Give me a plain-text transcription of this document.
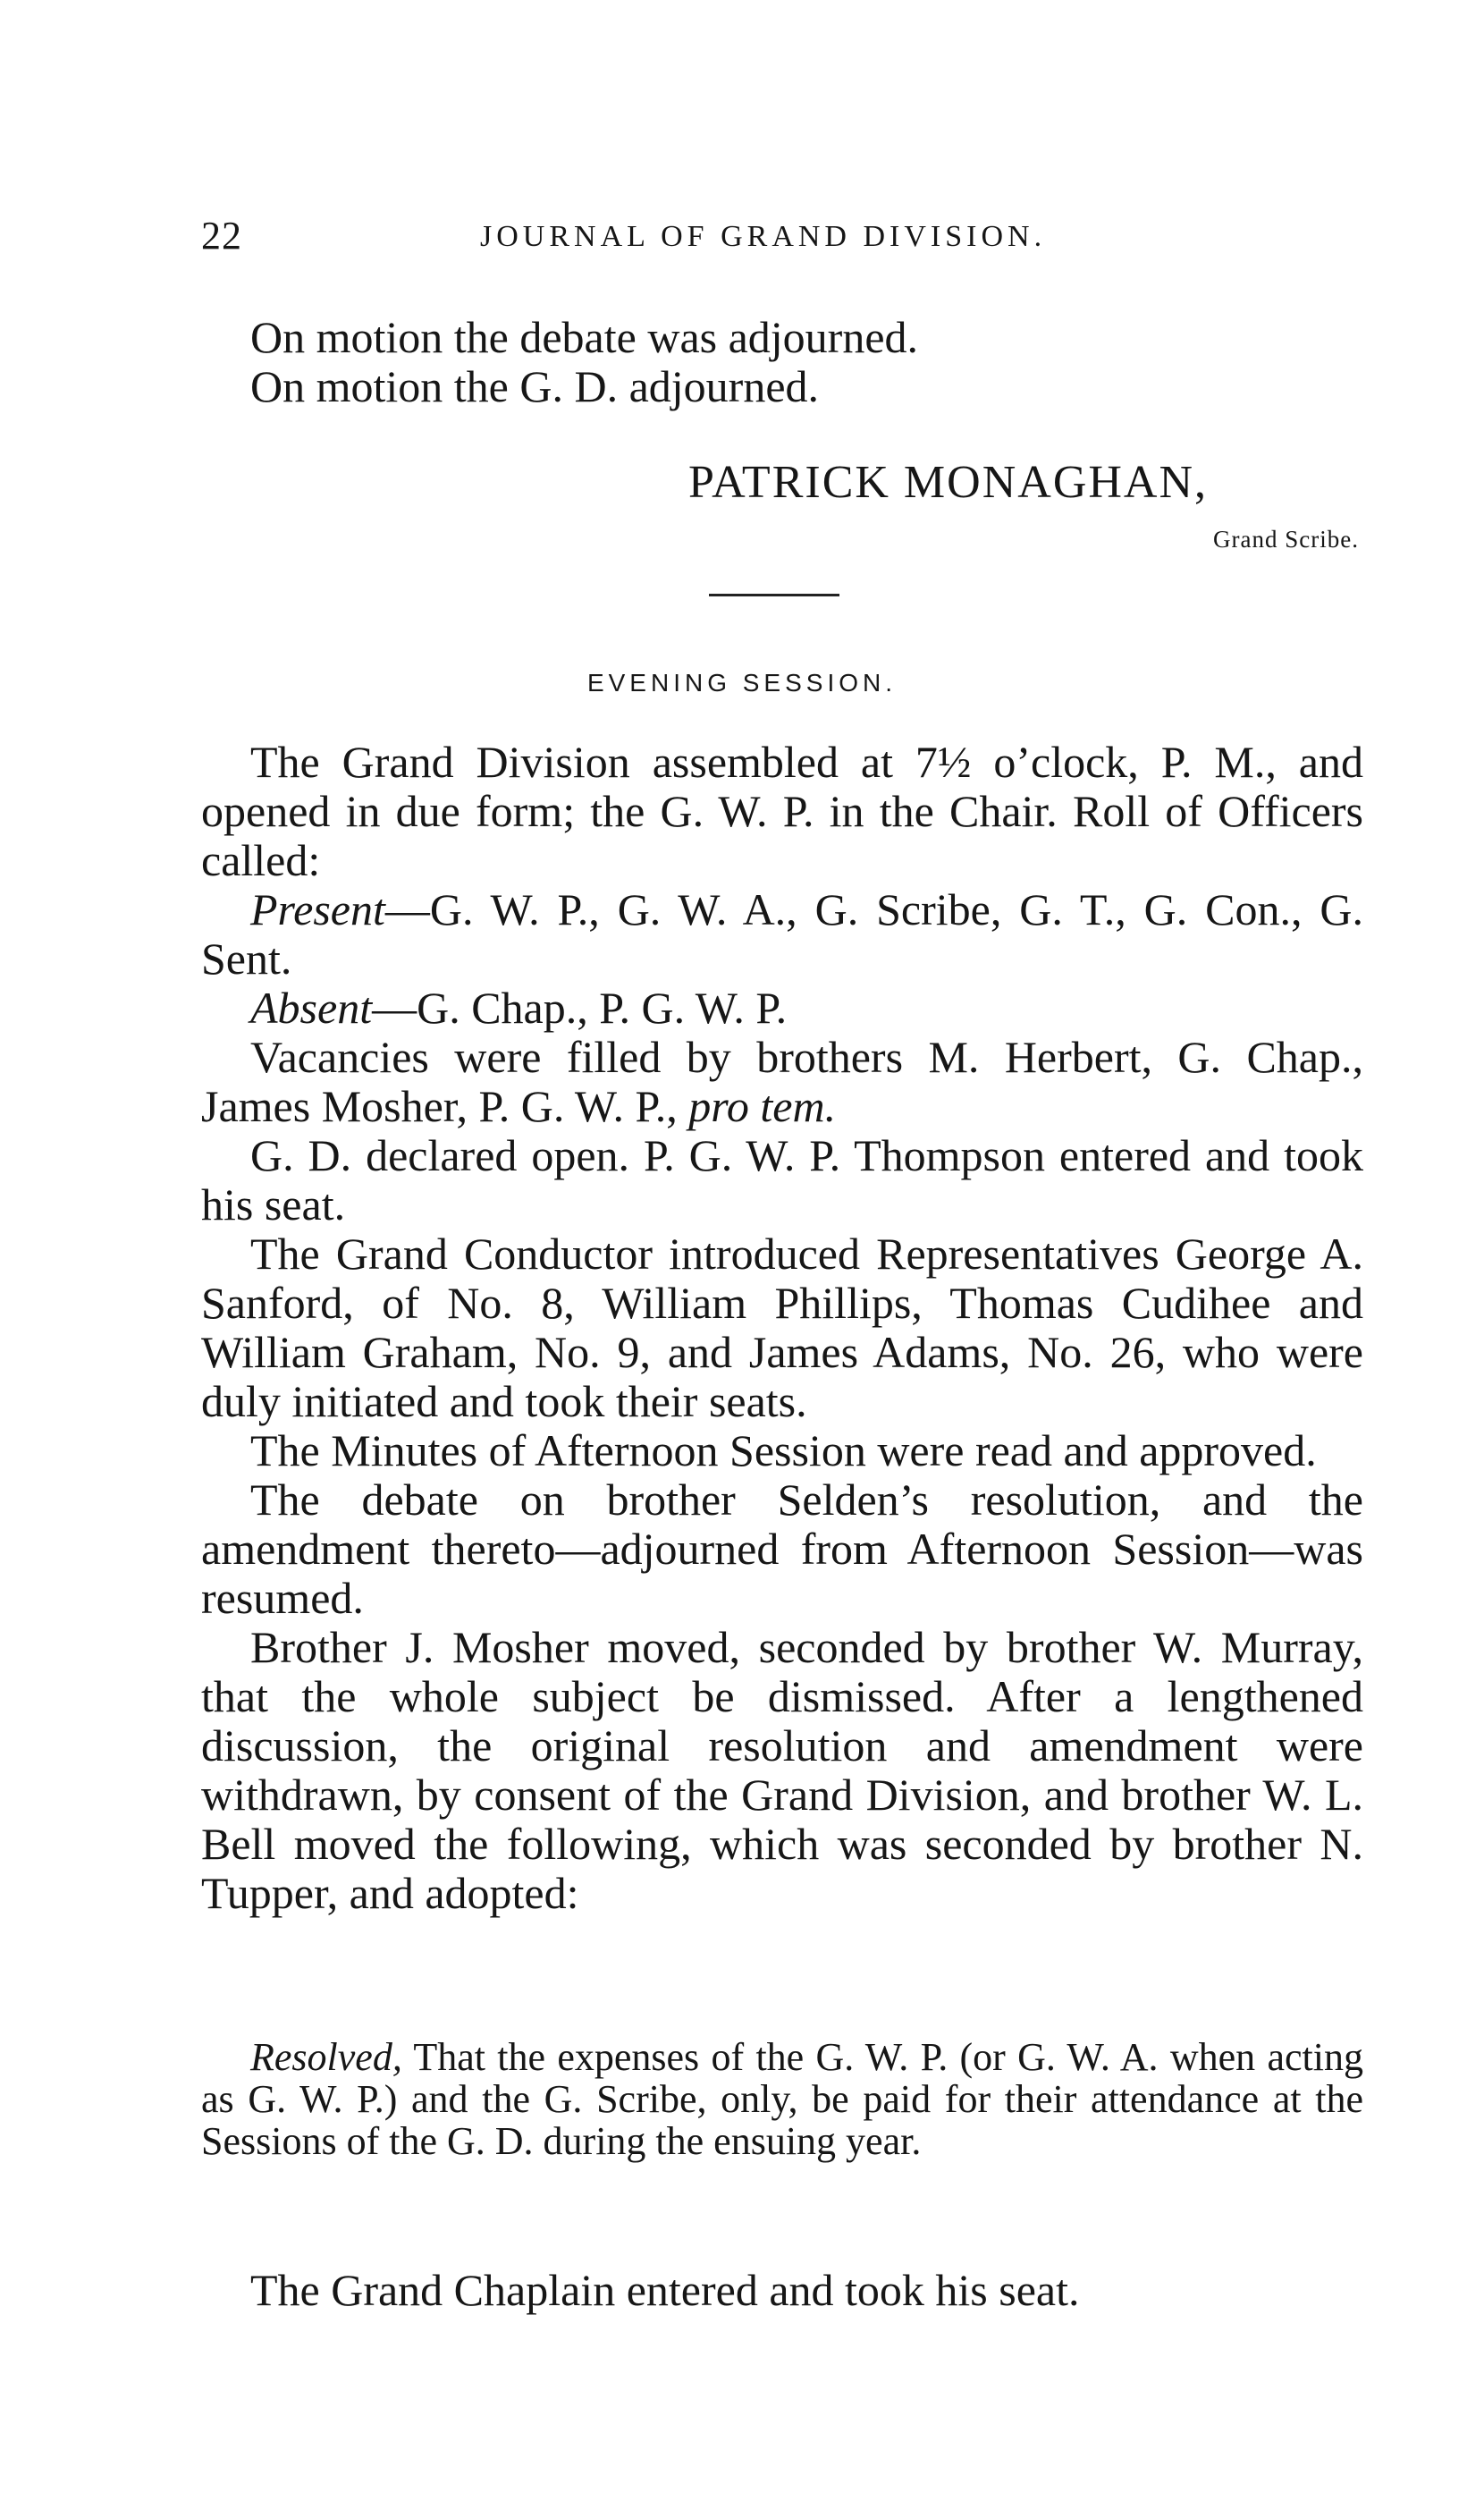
22	JOURNAL OF GRAND DIVISION.

On motion the debate was adjourned.

On motion the G. D. adjourned.

PATRICK MONAGHAN,
Grand Scribe.
EVENING SESSION.

The Grand Division assembled at 7½ o’clock, P. M., and opened in due form; the G. W. P. in the Chair. Roll of Officers called:

Present—G. W. P., G. W. A., G. Scribe, G. T., G. Con., G. Sent.

Absent—G. Chap., P. G. W. P.

Vacancies were filled by brothers M. Herbert, G. Chap., James Mosher, P. G. W. P., pro tem.

G. D. declared open. P. G. W. P. Thompson entered and took his seat.

The Grand Conductor introduced Representatives George A. Sanford, of No. 8, William Phillips, Thomas Cudihee and William Graham, No. 9, and James Adams, No. 26, who were duly initiated and took their seats.

The Minutes of Afternoon Session were read and approved.

The debate on brother Selden’s resolution, and the amendment thereto—adjourned from Afternoon Session—was resumed.

Brother J. Mosher moved, seconded by brother W. Murray, that the whole subject be dismissed. After a lengthened discussion, the original resolution and amendment were withdrawn, by consent of the Grand Division, and brother W. L. Bell moved the following, which was seconded by brother N. Tupper, and adopted:

Resolved, That the expenses of the G. W. P. (or G. W. A. when acting as G. W. P.) and the G. Scribe, only, be paid for their attendance at the Sessions of the G. D. during the ensuing year.

The Grand Chaplain entered and took his seat.
